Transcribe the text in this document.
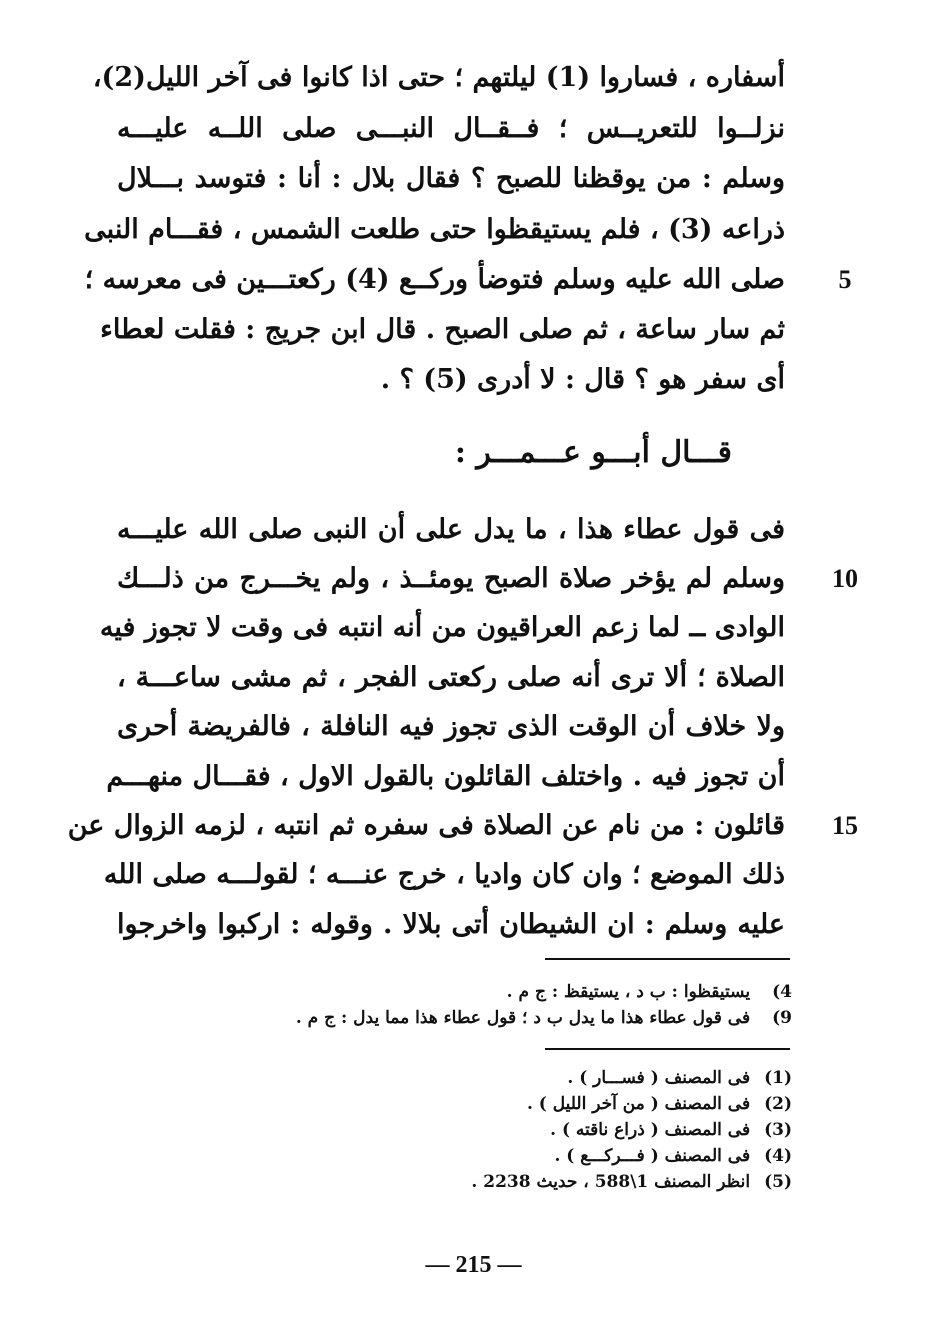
أسفاره ، فساروا (1) ليلتهم ؛ حتى اذا كانوا فى آخر الليل(2)،
نزلــوا للتعريــس ؛ فــقــال النبـــى صلى اللــه عليـــه
وسلم : من يوقظنا للصبح ؟ فقال بلال : أنا : فتوسد بـــلال
ذراعه (3) ، فلم يستيقظوا حتى طلعت الشمس ، فقـــام النبى
صلى الله عليه وسلم فتوضأ وركــع (4) ركعتـــين فى معرسه ؛
ثم سار ساعة ، ثم صلى الصبح . قال ابن جريج : فقلت لعطاء
أى سفر هو ؟ قال : لا أدرى (5) ؟ .
قـــال أبـــو عـــمـــر :
فى قول عطاء هذا ، ما يدل على أن النبى صلى الله عليـــه
وسلم لم يؤخر صلاة الصبح يومئــذ ، ولم يخـــرج من ذلـــك
الوادى ــ لما زعم العراقيون من أنه انتبه فى وقت لا تجوز فيه
الصلاة ؛ ألا ترى أنه صلى ركعتى الفجر ، ثم مشى ساعـــة ،
ولا خلاف أن الوقت الذى تجوز فيه النافلة ، فالفريضة أحرى
أن تجوز فيه . واختلف القائلون بالقول الاول ، فقـــال منهـــم
قائلون : من نام عن الصلاة فى سفره ثم انتبه ، لزمه الزوال عن
ذلك الموضع ؛ وان كان واديا ، خرج عنـــه ؛ لقولـــه صلى الله
عليه وسلم : ان الشيطان أتى بلالا . وقوله : اركبوا واخرجوا
5
10
15
4) يستيقظوا : ب د ، يستيقظ : ج م .
9) فى قول عطاء هذا ما يدل ب د ؛ قول عطاء هذا مما يدل : ج م .
(1) فى المصنف ( فســـار ) .
(2) فى المصنف ( من آخر الليل ) .
(3) فى المصنف ( ذراع ناقته ) .
(4) فى المصنف ( فـــركـــع ) .
(5) انظر المصنف 1\588 ، حديث 2238 .
— 215 —
